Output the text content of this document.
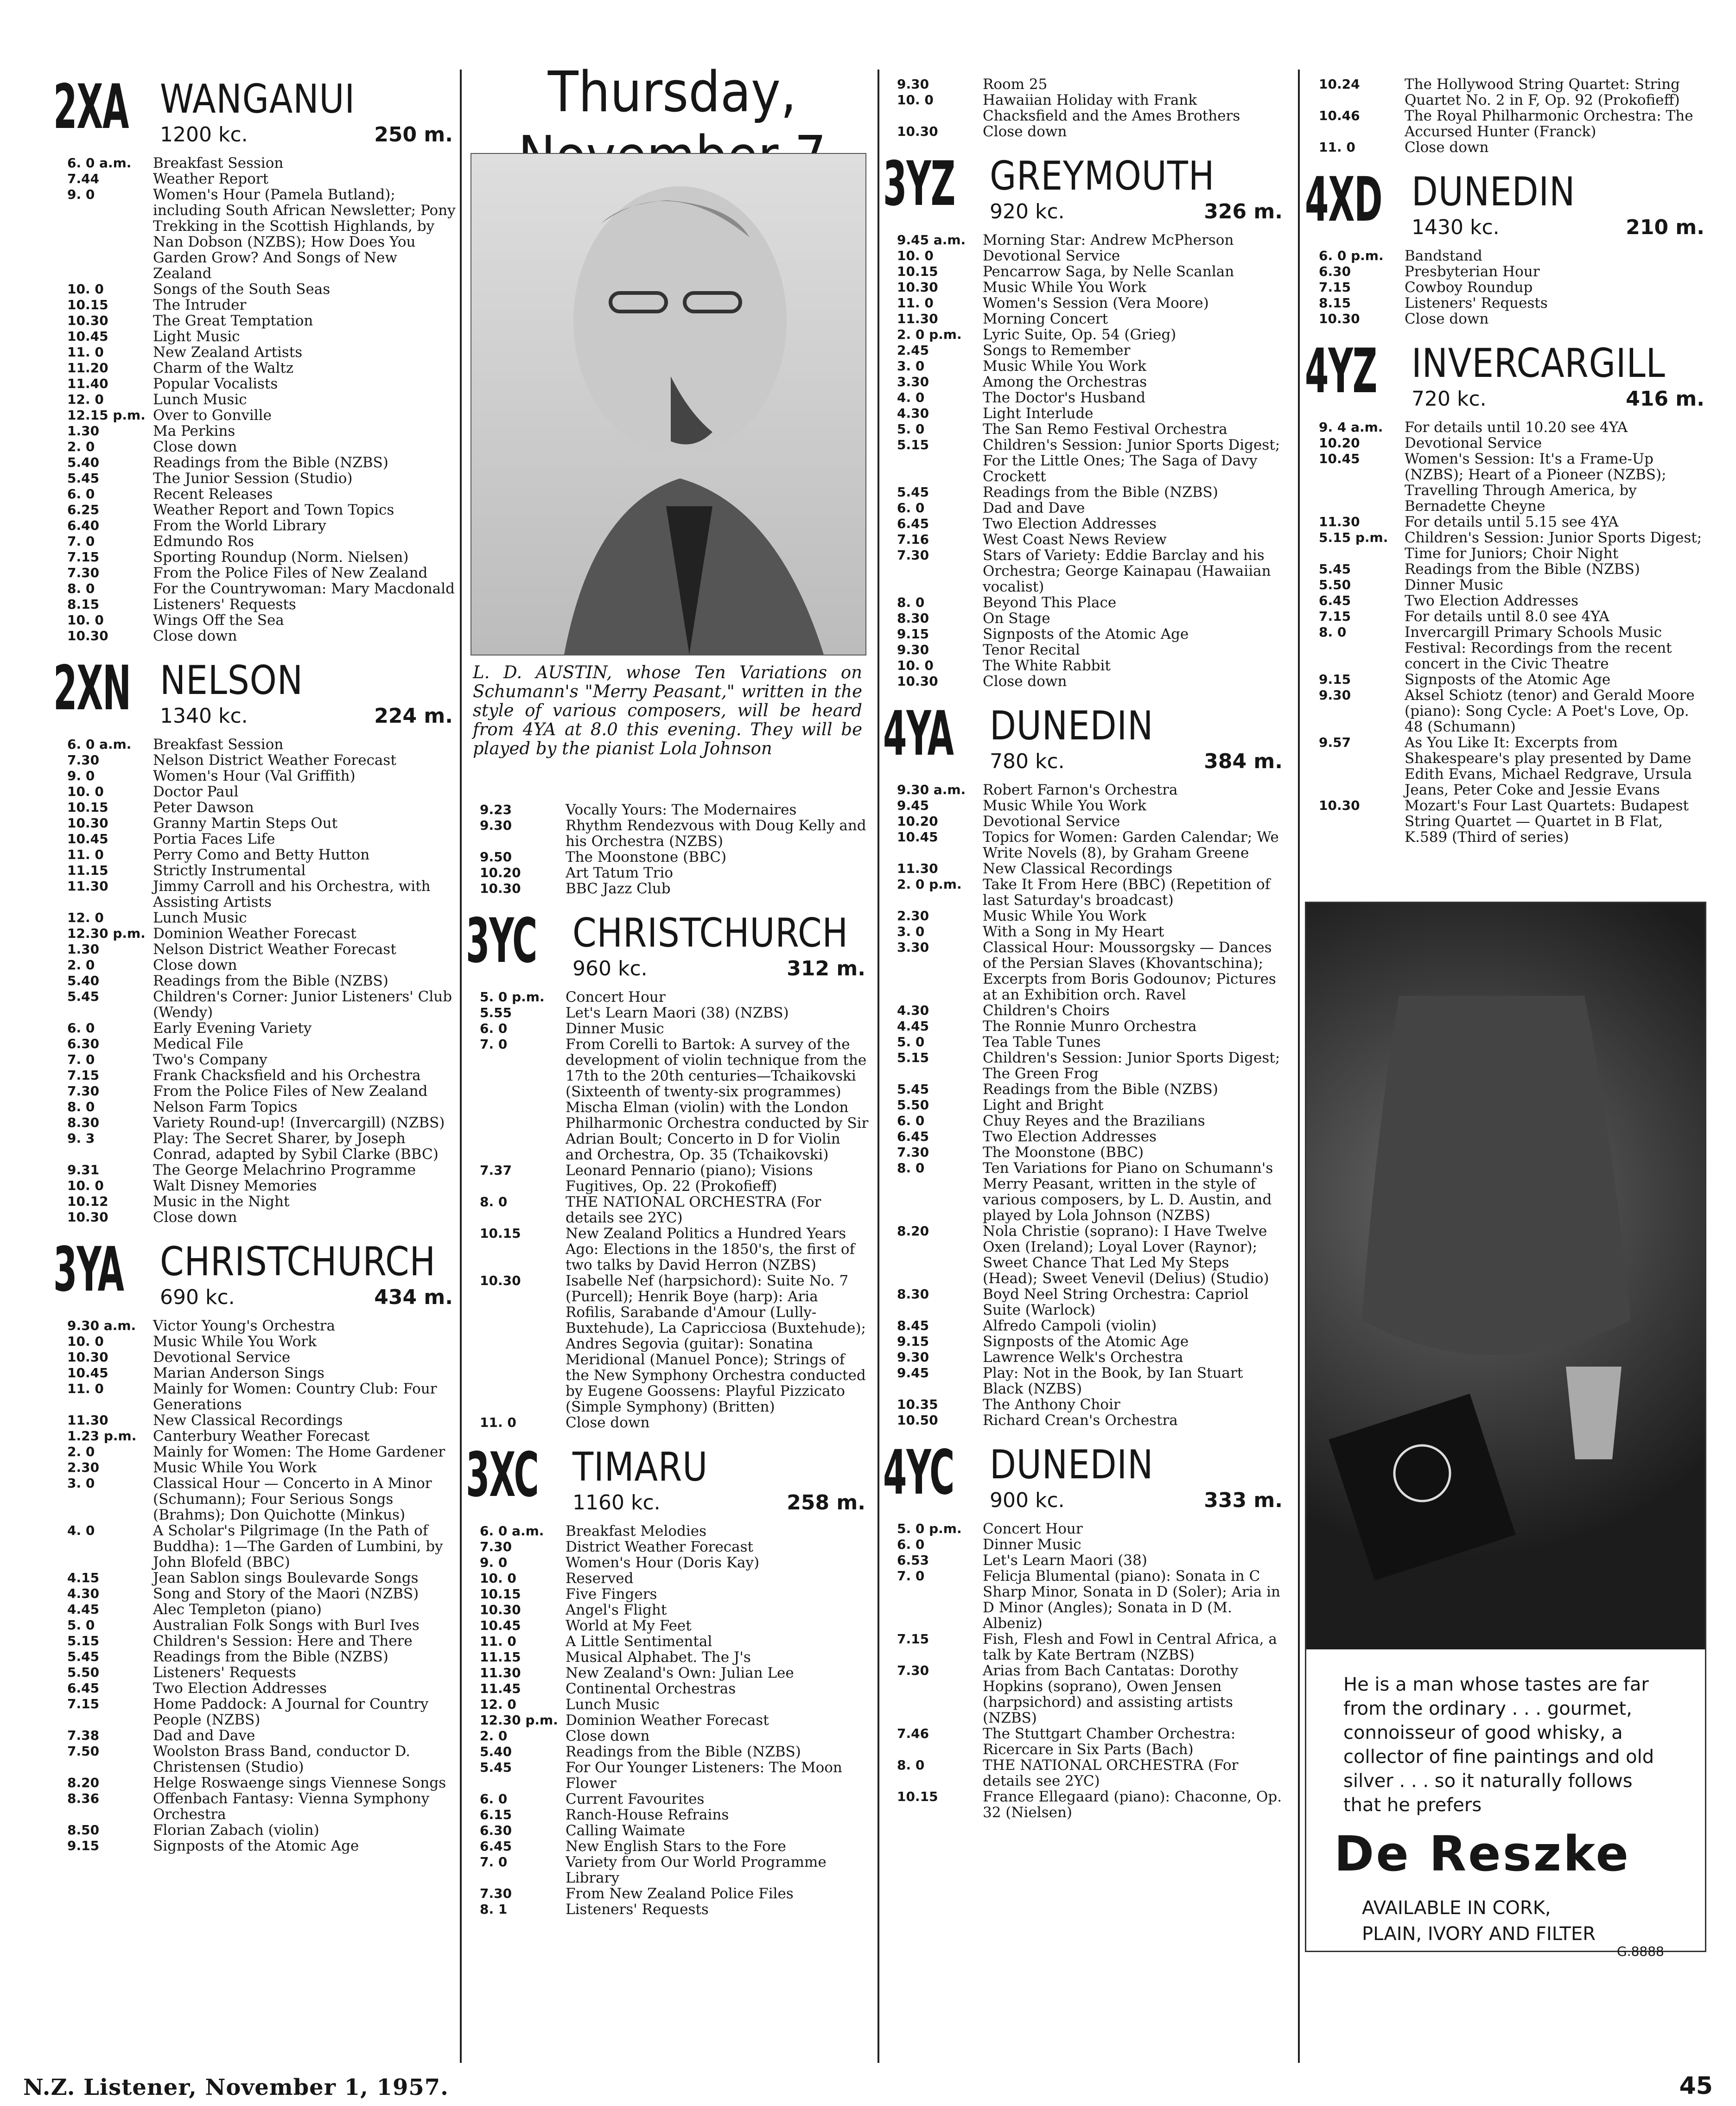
Thursday,
L. D. AUSTIN, whose Ten Variations on Schumann's "Merry Peasant," written in the style of various composers, will be heard from 4YA at 8.0 this evening. They will be played by the pianist Lola Johnson
2XA WANGANUI
1200 kc.	250 m.
6. 0 a.m.	Breakfast Session
7.44	Weather Report
9. 0	Women's Hour (Pamela Butland); including South African Newsletter; Pony Trekking in the Scottish Highlands, by Nan Dobson (NZBS); How Does You Garden Grow? And Songs of New Zealand
10. 0	Songs of the South Seas
10.15	The Intruder
10.30	The Great Temptation
10.45	Light Music
11. 0	New Zealand Artists
11.20	Charm of the Waltz
11.40	Popular Vocalists
12. 0	Lunch Music
12.15 p.m. Over to Gonville
1.30	Ma Perkins
2. 0	Close down
5.40	Readings from the Bible (NZBS)
5.45	The Junior Session (Studio)
6. 0	Recent Releases
6.25	Weather Report and Town Topics
6.40	From the World Library
7. 0	Edmundo Ros
7.15	Sporting Roundup (Norm. Nielsen)
7.30	From the Police Files of New Zealand
8. 0	For the Countrywoman: Mary Macdonald
8.15	Listeners' Requests
10. 0	Wings Off the Sea
10.30	Close down
2XN NELSON
1340 kc.	224 m.
6. 0 a.m.	Breakfast Session
7.30	Nelson District Weather Forecast
9. 0	Women's Hour (Val Griffith)
10. 0	Doctor Paul
10.15	Peter Dawson
10.30	Granny Martin Steps Out
10.45	Portia Faces Life
11. 0	Perry Como and Betty Hutton
11.15	Strictly Instrumental
11.30	Jimmy Carroll and his Orchestra, with Assisting Artists
12. 0	Lunch Music
12.30 p.m. Dominion Weather Forecast
1.30	Nelson District Weather Forecast
2. 0	Close down
5.40	Readings from the Bible (NZBS)
5.45	Children's Corner: Junior Listeners' Club (Wendy)
6. 0	Early Evening Variety
6.30	Medical File
7. 0	Two's Company
7.15	Frank Chacksfield and his Orchestra
7.30	From the Police Files of New Zealand
8. 0	Nelson Farm Topics
8.30	Variety Round-up! (Invercargill) (NZBS)
9. 3	Play: The Secret Sharer, by Joseph Conrad, adapted by Sybil Clarke (BBC)
9.31	The George Melachrino Programme
10. 0	Walt Disney Memories
10.12	Music in the Night
10.30	Close down
3YA CHRISTCHURCH
690 kc.	434 m.
9.30 a.m.	Victor Young's Orchestra
10. 0	Music While You Work
10.30	Devotional Service
10.45	Marian Anderson Sings
11. 0	Mainly for Women: Country Club: Four Generations
11.30	New Classical Recordings
1.23 p.m.	Canterbury Weather Forecast
2. 0	Mainly for Women: The Home Gardener
2.30	Music While You Work
3. 0	Classical Hour — Concerto in A Minor (Schumann); Four Serious Songs (Brahms); Don Quichotte (Minkus)
4. 0	A Scholar's Pilgrimage (In the Path of Buddha): 1—The Garden of Lumbini, by John Blofeld (BBC)
4.15	Jean Sablon sings Boulevarde Songs
4.30	Song and Story of the Maori (NZBS)
4.45	Alec Templeton (piano)
5. 0	Australian Folk Songs with Burl Ives
5.15	Children's Session: Here and There
5.45	Readings from the Bible (NZBS)
5.50	Listeners' Requests
6.45	Two Election Addresses
7.15	Home Paddock: A Journal for Country People (NZBS)
7.38	Dad and Dave
7.50	Woolston Brass Band, conductor D. Christensen (Studio)
8.20	Helge Roswaenge sings Viennese Songs
8.36	Offenbach Fantasy: Vienna Symphony Orchestra
8.50	Florian Zabach (violin)
9.15	Signposts of the Atomic Age
9.23	Vocally Yours: The Modernaires
9.30	Rhythm Rendezvous with Doug Kelly and his Orchestra (NZBS)
9.50	The Moonstone (BBC)
10.20	Art Tatum Trio
10.30	BBC Jazz Club
3YC CHRISTCHURCH
960 kc.	312 m.
5. 0 p.m.	Concert Hour
5.55	Let's Learn Maori (38) (NZBS)
6. 0	Dinner Music
7. 0	From Corelli to Bartok: A survey of the development of violin technique from the 17th to the 20th centuries—Tchaikovski (Sixteenth of twenty-six programmes) Mischa Elman (violin) with the London Philharmonic Orchestra conducted by Sir Adrian Boult; Concerto in D for Violin and Orchestra, Op. 35 (Tchaikovski)
7.37	Leonard Pennario (piano); Visions Fugitives, Op. 22 (Prokofieff)
8. 0	THE NATIONAL ORCHESTRA (For details see 2YC)
10.15	New Zealand Politics a Hundred Years Ago: Elections in the 1850's, the first of two talks by David Herron (NZBS)
10.30	Isabelle Nef (harpsichord): Suite No. 7 (Purcell); Henrik Boye (harp): Aria Rofilis, Sarabande d'Amour (Lully-Buxtehude), La Capricciosa (Buxtehude); Andres Segovia (guitar): Sonatina Meridional (Manuel Ponce); Strings of the New Symphony Orchestra conducted by Eugene Goossens: Playful Pizzicato (Simple Symphony) (Britten)
11. 0	Close down
3XC TIMARU
1160 kc.	258 m.
6. 0 a.m.	Breakfast Melodies
7.30	District Weather Forecast
9. 0	Women's Hour (Doris Kay)
10. 0	Reserved
10.15	Five Fingers
10.30	Angel's Flight
10.45	World at My Feet
11. 0	A Little Sentimental
11.15	Musical Alphabet. The J's
11.30	New Zealand's Own: Julian Lee
11.45	Continental Orchestras
12. 0	Lunch Music
12.30 p.m. Dominion Weather Forecast
2. 0	Close down
5.40	Readings from the Bible (NZBS)
5.45	For Our Younger Listeners: The Moon Flower
6. 0	Current Favourites
6.15	Ranch-House Refrains
6.30	Calling Waimate
6.45	New English Stars to the Fore
7. 0	Variety from Our World Programme Library
7.30	From New Zealand Police Files
8. 1	Listeners' Requests
9.30	Room 25
10. 0	Hawaiian Holiday with Frank Chacksfield and the Ames Brothers
10.30	Close down
3YZ GREYMOUTH
920 kc.	326 m.
9.45 a.m.	Morning Star: Andrew McPherson
10. 0	Devotional Service
10.15	Pencarrow Saga, by Nelle Scanlan
10.30	Music While You Work
11. 0	Women's Session (Vera Moore)
11.30	Morning Concert
2. 0 p.m.	Lyric Suite, Op. 54 (Grieg)
2.45	Songs to Remember
3. 0	Music While You Work
3.30	Among the Orchestras
4. 0	The Doctor's Husband
4.30	Light Interlude
5. 0	The San Remo Festival Orchestra
5.15	Children's Session: Junior Sports Digest; For the Little Ones; The Saga of Davy Crockett
5.45	Readings from the Bible (NZBS)
6. 0	Dad and Dave
6.45	Two Election Addresses
7.16	West Coast News Review
7.30	Stars of Variety: Eddie Barclay and his Orchestra; George Kainapau (Hawaiian vocalist)
8. 0	Beyond This Place
8.30	On Stage
9.15	Signposts of the Atomic Age
9.30	Tenor Recital
10. 0	The White Rabbit
10.30	Close down
4YA DUNEDIN
780 kc.	384 m.
9.30 a.m.	Robert Farnon's Orchestra
9.45	Music While You Work
10.20	Devotional Service
10.45	Topics for Women: Garden Calendar; We Write Novels (8), by Graham Greene
11.30	New Classical Recordings
2. 0 p.m.	Take It From Here (BBC) (Repetition of last Saturday's broadcast)
2.30	Music While You Work
3. 0	With a Song in My Heart
3.30	Classical Hour: Moussorgsky — Dances of the Persian Slaves (Khovantschina); Excerpts from Boris Godounov; Pictures at an Exhibition orch. Ravel
4.30	Children's Choirs
4.45	The Ronnie Munro Orchestra
5. 0	Tea Table Tunes
5.15	Children's Session: Junior Sports Digest; The Green Frog
5.45	Readings from the Bible (NZBS)
5.50	Light and Bright
6. 0	Chuy Reyes and the Brazilians
6.45	Two Election Addresses
7.30	The Moonstone (BBC)
8. 0	Ten Variations for Piano on Schumann's Merry Peasant, written in the style of various composers, by L. D. Austin, and played by Lola Johnson (NZBS)
8.20	Nola Christie (soprano): I Have Twelve Oxen (Ireland); Loyal Lover (Raynor); Sweet Chance That Led My Steps (Head); Sweet Venevil (Delius) (Studio)
8.30	Boyd Neel String Orchestra: Capriol Suite (Warlock)
8.45	Alfredo Campoli (violin)
9.15	Signposts of the Atomic Age
9.30	Lawrence Welk's Orchestra
9.45	Play: Not in the Book, by Ian Stuart Black (NZBS)
10.35	The Anthony Choir
10.50	Richard Crean's Orchestra
4YC DUNEDIN
900 kc.	333 m.
5. 0 p.m.	Concert Hour
6. 0	Dinner Music
6.53	Let's Learn Maori (38)
7. 0	Felicja Blumental (piano): Sonata in C Sharp Minor, Sonata in D (Soler); Aria in D Minor (Angles); Sonata in D (M. Albeniz)
7.15	Fish, Flesh and Fowl in Central Africa, a talk by Kate Bertram (NZBS)
7.30	Arias from Bach Cantatas: Dorothy Hopkins (soprano), Owen Jensen (harpsichord) and assisting artists (NZBS)
7.46	The Stuttgart Chamber Orchestra: Ricercare in Six Parts (Bach)
8. 0	THE NATIONAL ORCHESTRA (For details see 2YC)
10.15	France Ellegaard (piano): Chaconne, Op. 32 (Nielsen)
10.24	The Hollywood String Quartet: String Quartet No. 2 in F, Op. 92 (Prokofieff)
10.46	The Royal Philharmonic Orchestra: The Accursed Hunter (Franck)
11. 0	Close down
4XD DUNEDIN
1430 kc.	210 m.
6. 0 p.m.	Bandstand
6.30	Presbyterian Hour
7.15	Cowboy Roundup
8.15	Listeners' Requests
10.30	Close down
4YZ INVERCARGILL
720 kc.	416 m.
9. 4 a.m.	For details until 10.20 see 4YA
10.20	Devotional Service
10.45	Women's Session: It's a Frame-Up (NZBS); Heart of a Pioneer (NZBS); Travelling Through America, by Bernadette Cheyne
11.30	For details until 5.15 see 4YA
5.15 p.m.	Children's Session: Junior Sports Digest; Time for Juniors; Choir Night
5.45	Readings from the Bible (NZBS)
5.50	Dinner Music
6.45	Two Election Addresses
7.15	For details until 8.0 see 4YA
8. 0	Invercargill Primary Schools Music Festival: Recordings from the recent concert in the Civic Theatre
9.15	Signposts of the Atomic Age
9.30	Aksel Schiotz (tenor) and Gerald Moore (piano): Song Cycle: A Poet's Love, Op. 48 (Schumann)
9.57	As You Like It: Excerpts from Shakespeare's play presented by Dame Edith Evans, Michael Redgrave, Ursula Jeans, Peter Coke and Jessie Evans
10.30	Mozart's Four Last Quartets: Budapest String Quartet — Quartet in B Flat, K.589 (Third of series)
He is a man whose tastes are far from the ordinary . . . gourmet, connoisseur of good whisky, a collector of fine paintings and old silver . . . so it naturally follows that he prefers
De Reszke
AVAILABLE IN CORK,
PLAIN, IVORY AND FILTER
G.8888
N.Z. Listener, November 1, 1957.	45
